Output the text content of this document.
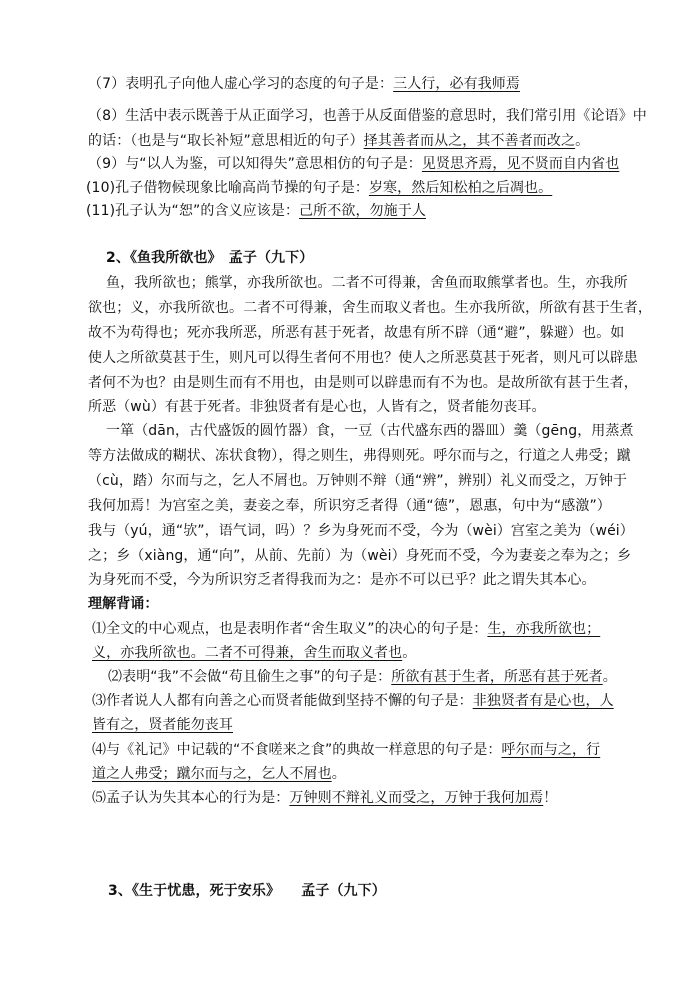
（7）表明孔子向他人虚心学习的态度的句子是：三人行，必有我师焉
（8）生活中表示既善于从正面学习，也善于从反面借鉴的意思时，我们常引用《论语》中
的话：（也是与“取长补短”意思相近的句子）择其善者而从之，其不善者而改之。
（9）与“以人为鉴，可以知得失”意思相仿的句子是：见贤思齐焉，见不贤而自内省也
(10)孔子借物候现象比喻高尚节操的句子是：岁寒，然后知松柏之后凋也。
(11)孔子认为“恕”的含义应该是：己所不欲，勿施于人
2、《鱼我所欲也》　孟子（九下）
鱼，我所欲也；熊掌，亦我所欲也。二者不可得兼，舍鱼而取熊掌者也。生，亦我所
欲也；义，亦我所欲也。二者不可得兼，舍生而取义者也。生亦我所欲，所欲有甚于生者，
故不为苟得也；死亦我所恶，所恶有甚于死者，故患有所不辟（通“避”，躲避）也。如
使人之所欲莫甚于生，则凡可以得生者何不用也？使人之所恶莫甚于死者，则凡可以辟患
者何不为也？由是则生而有不用也，由是则可以辟患而有不为也。是故所欲有甚于生者，
所恶（wù）有甚于死者。非独贤者有是心也，人皆有之，贤者能勿丧耳。
一箪（dān，古代盛饭的圆竹器）食，一豆（古代盛东西的器皿）羹（gēng，用蒸煮
等方法做成的糊状、冻状食物），得之则生，弗得则死。呼尔而与之，行道之人弗受；蹴
（cù，踏）尔而与之，乞人不屑也。万钟则不辩（通“辨”，辨别）礼义而受之，万钟于
我何加焉！为宫室之美，妻妾之奉，所识穷乏者得（通“德”，恩惠，句中为“感激”）
我与（yú，通“欤”，语气词，吗）？乡为身死而不受，今为（wèi）宫室之美为（wéi）
之；乡（xiàng，通“向”，从前、先前）为（wèi）身死而不受，今为妻妾之奉为之；乡
为身死而不受，今为所识穷乏者得我而为之：是亦不可以已乎？此之谓失其本心。
理解背诵：
⑴全文的中心观点，也是表明作者“舍生取义”的决心的句子是：生，亦我所欲也；
义，亦我所欲也。二者不可得兼，舍生而取义者也。
⑵表明“我”不会做“苟且偷生之事”的句子是：所欲有甚于生者，所恶有甚于死者。
⑶作者说人人都有向善之心而贤者能做到坚持不懈的句子是：非独贤者有是心也，人
皆有之，贤者能勿丧耳
⑷与《礼记》中记载的“不食嗟来之食”的典故一样意思的句子是：呼尔而与之，行
道之人弗受；蹴尔而与之，乞人不屑也。
⑸孟子认为失其本心的行为是：万钟则不辩礼义而受之，万钟于我何加焉！
3、《生于忧患，死于安乐》　　孟子（九下）
